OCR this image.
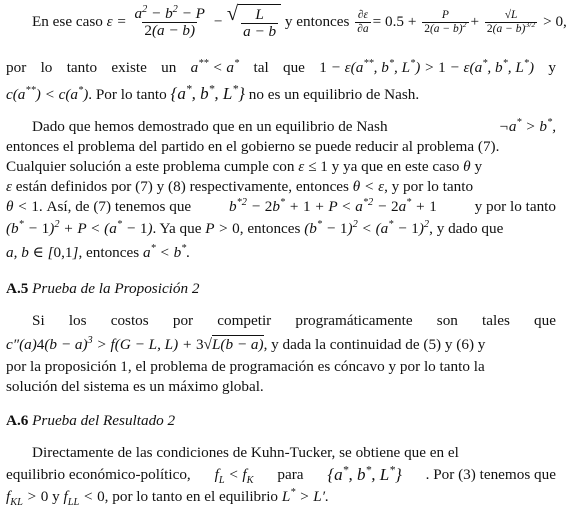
En ese caso $\varepsilon = \frac{a^2 - b^2 - P}{2(a - b)}$ − √ $\frac{L}{a - b}$ y entonces $\frac{\partial\varepsilon}{\partial a} = 0.5 + \frac{P}{2(a - b)^2} + \frac{√L}{2(a - b)^{3/2}} > 0$,
por lo tanto existe un a** < a* tal que 1 − ε(a**, b*, L*) > 1 − ε(a*, b*, L*) y
c(a**) < c(a*). Por lo tanto {a*, b*, L*} no es un equilibrio de Nash.
Dado que hemos demostrado que en un equilibrio de Nash	¬a* > b*,
entonces el problema del partido en el gobierno se puede reducir al problema (7).
Cualquier solución a este problema cumple con ε ≤ 1 y ya que en este caso θ y
ε están definidos por (7) y (8) respectivamente, entonces θ < ε, y por lo tanto
θ < 1. Así, de (7) tenemos que $b^{*2} - 2b^* + 1 + P < a^{*2} - 2a^* + 1$ y por lo tanto
$(b^* - 1)^2 + P < (a^* - 1)$. Ya que P > 0, entonces $(b^* - 1)^2 < (a^* - 1)^2$, y dado que
a, b ∈ [0,1], entonces a* < b*.
A.5 Prueba de la Proposición 2
Si los costos por competir programáticamente son tales que
$c''(a)4(b - a)^3 > f(G - L$, L) + 3√L(b − a), y dada la continuidad de (5) y (6) y
por la proposición 1, el problema de programación es cóncavo y por lo tanto la
solución del sistema es un máximo global.
A.6 Prueba del Resultado 2
Directamente de las condiciones de Kuhn-Tucker, se obtiene que en el
equilibrio económico-político, $f_L < f_K$ para {a*, b*, L*} . Por (3) tenemos que
$f_{KL} > 0$ y $f_{LL} < 0$, por lo tanto en el equilibrio L* > L′.
